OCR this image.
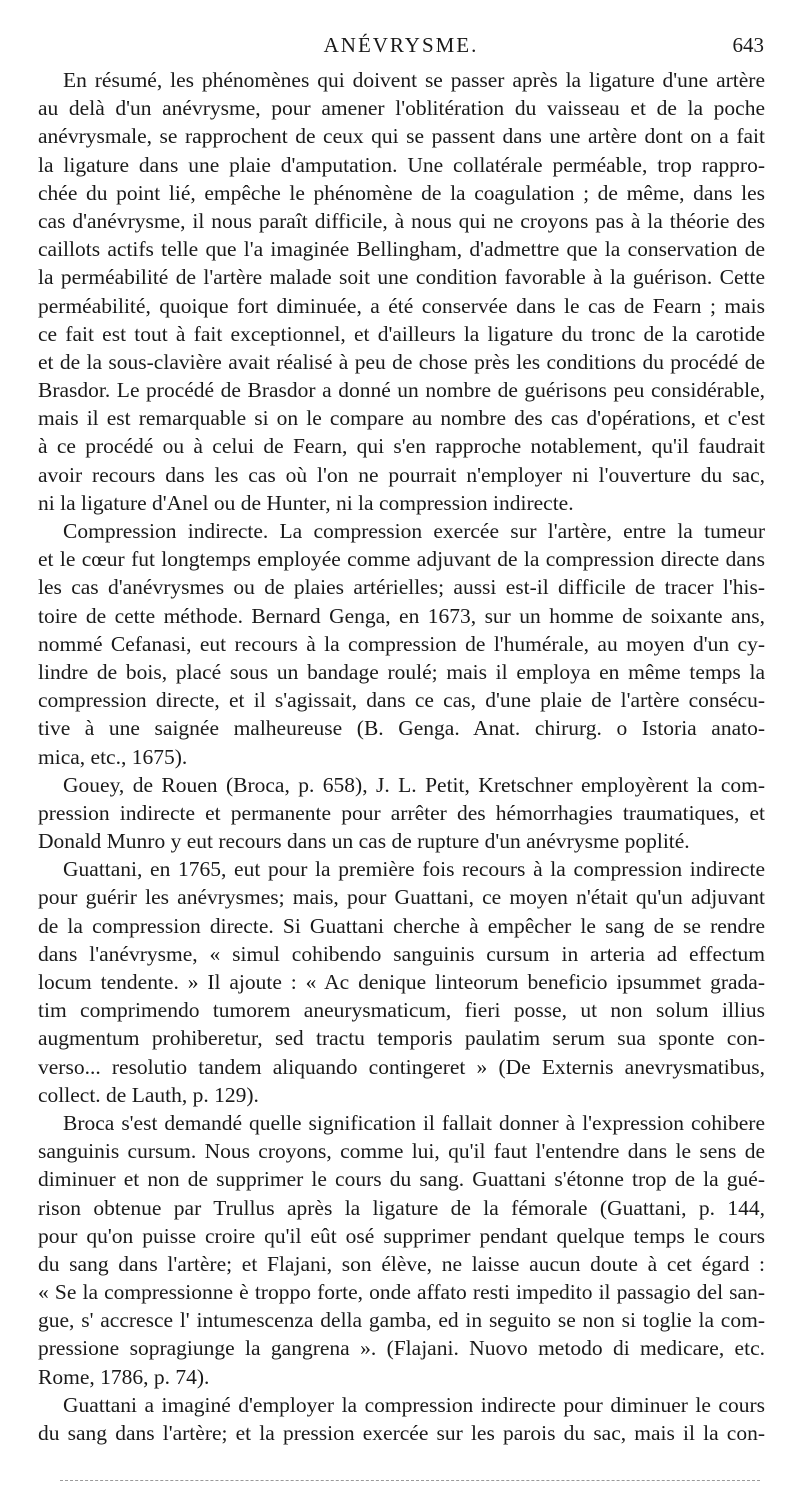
ANÉVRYSME.	643
En résumé, les phénomènes qui doivent se passer après la ligature d'une artère
au delà d'un anévrysme, pour amener l'oblitération du vaisseau et de la poche
anévrysmale, se rapprochent de ceux qui se passent dans une artère dont on a fait
la ligature dans une plaie d'amputation. Une collatérale perméable, trop rappro-
chée du point lié, empêche le phénomène de la coagulation ; de même, dans les
cas d'anévrysme, il nous paraît difficile, à nous qui ne croyons pas à la théorie des
caillots actifs telle que l'a imaginée Bellingham, d'admettre que la conservation de
la perméabilité de l'artère malade soit une condition favorable à la guérison. Cette
perméabilité, quoique fort diminuée, a été conservée dans le cas de Fearn ; mais
ce fait est tout à fait exceptionnel, et d'ailleurs la ligature du tronc de la carotide
et de la sous-clavière avait réalisé à peu de chose près les conditions du procédé de
Brasdor. Le procédé de Brasdor a donné un nombre de guérisons peu considérable,
mais il est remarquable si on le compare au nombre des cas d'opérations, et c'est
à ce procédé ou à celui de Fearn, qui s'en rapproche notablement, qu'il faudrait
avoir recours dans les cas où l'on ne pourrait n'employer ni l'ouverture du sac,
ni la ligature d'Anel ou de Hunter, ni la compression indirecte.
Compression indirecte. La compression exercée sur l'artère, entre la tumeur
et le cœur fut longtemps employée comme adjuvant de la compression directe dans
les cas d'anévrysmes ou de plaies artérielles; aussi est-il difficile de tracer l'his-
toire de cette méthode. Bernard Genga, en 1673, sur un homme de soixante ans,
nommé Cefanasi, eut recours à la compression de l'humérale, au moyen d'un cy-
lindre de bois, placé sous un bandage roulé; mais il employa en même temps la
compression directe, et il s'agissait, dans ce cas, d'une plaie de l'artère consécu-
tive à une saignée malheureuse (B. Genga. Anat. chirurg. o Istoria anato-
mica, etc., 1675).
Gouey, de Rouen (Broca, p. 658), J. L. Petit, Kretschner employèrent la com-
pression indirecte et permanente pour arrêter des hémorrhagies traumatiques, et
Donald Munro y eut recours dans un cas de rupture d'un anévrysme poplité.
Guattani, en 1765, eut pour la première fois recours à la compression indirecte
pour guérir les anévrysmes; mais, pour Guattani, ce moyen n'était qu'un adjuvant
de la compression directe. Si Guattani cherche à empêcher le sang de se rendre
dans l'anévrysme, « simul cohibendo sanguinis cursum in arteria ad effectum
locum tendente. » Il ajoute : « Ac denique linteorum beneficio ipsummet grada-
tim comprimendo tumorem aneurysmaticum, fieri posse, ut non solum illius
augmentum prohiberetur, sed tractu temporis paulatim serum sua sponte con-
verso... resolutio tandem aliquando contingeret » (De Externis anevrysmatibus,
collect. de Lauth, p. 129).
Broca s'est demandé quelle signification il fallait donner à l'expression cohibere
sanguinis cursum. Nous croyons, comme lui, qu'il faut l'entendre dans le sens de
diminuer et non de supprimer le cours du sang. Guattani s'étonne trop de la gué-
rison obtenue par Trullus après la ligature de la fémorale (Guattani, p. 144,
pour qu'on puisse croire qu'il eût osé supprimer pendant quelque temps le cours
du sang dans l'artère; et Flajani, son élève, ne laisse aucun doute à cet égard :
« Se la compressionne è troppo forte, onde affato resti impedito il passagio del san-
gue, s' accresce l' intumescenza della gamba, ed in seguito se non si toglie la com-
pressione sopragiunge la gangrena ». (Flajani. Nuovo metodo di medicare, etc.
Rome, 1786, p. 74).
Guattani a imaginé d'employer la compression indirecte pour diminuer le cours
du sang dans l'artère; et la pression exercée sur les parois du sac, mais il la con-
